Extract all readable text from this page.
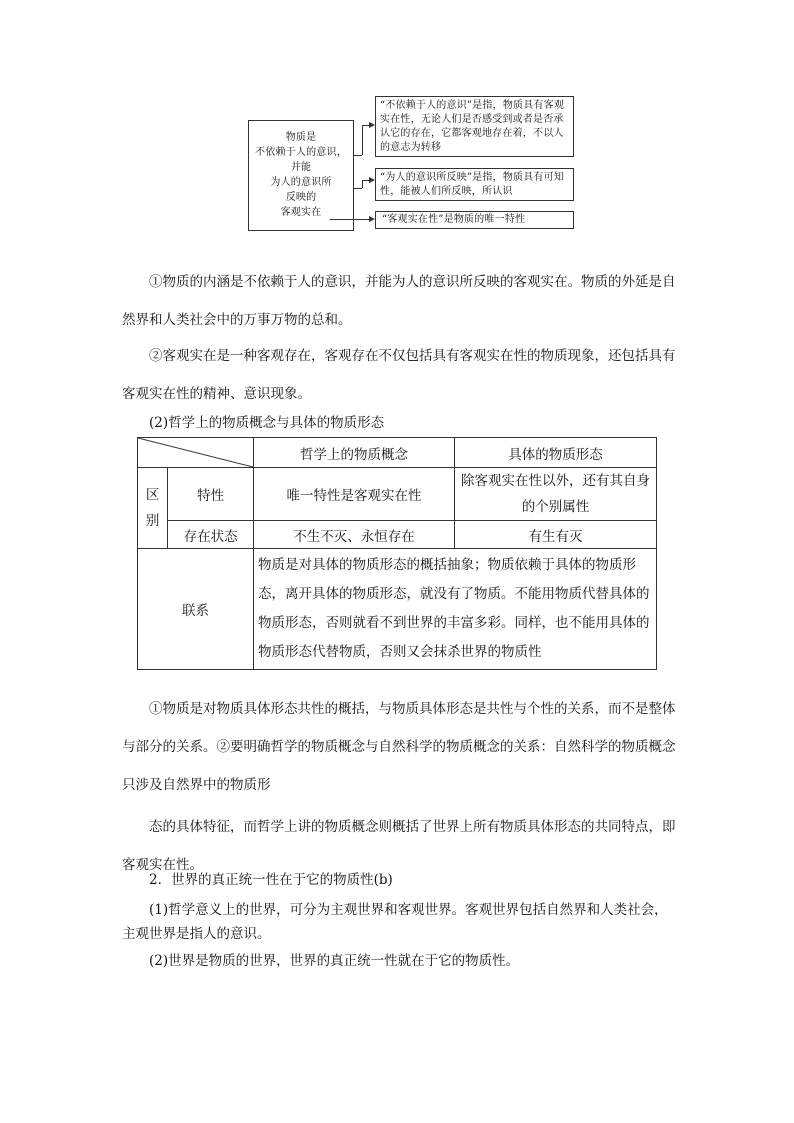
物质是
不依赖于人的意识，
并能
为人的意识所
反映的
客观实在
“不依赖于人的意识”是指，物质具有客观实在性，无论人们是否感受到或者是否承认它的存在，它都客观地存在着，不以人的意志为转移
“为人的意识所反映”是指，物质具有可知性，能被人们所反映，所认识
“客观实在性”是物质的唯一特性
①物质的内涵是不依赖于人的意识，并能为人的意识所反映的客观实在。物质的外延是自然界和人类社会中的万事万物的总和。
②客观实在是一种客观存在，客观存在不仅包括具有客观实在性的物质现象，还包括具有客观实在性的精神、意识现象。
(2)哲学上的物质概念与具体的物质形态
	哲学上的物质概念	具体的物质形态
区别	特性	唯一特性是客观实在性	除客观实在性以外，还有其自身的个别属性
	存在状态	不生不灭、永恒存在	有生有灭
联系		物质是对具体的物质形态的概括抽象；物质依赖于具体的物质形态，离开具体的物质形态，就没有了物质。不能用物质代替具体的物质形态，否则就看不到世界的丰富多彩。同样，也不能用具体的物质形态代替物质，否则又会抹杀世界的物质性	
①物质是对物质具体形态共性的概括，与物质具体形态是共性与个性的关系，而不是整体与部分的关系。②要明确哲学的物质概念与自然科学的物质概念的关系：自然科学的物质概念只涉及自然界中的物质形
态的具体特征，而哲学上讲的物质概念则概括了世界上所有物质具体形态的共同特点，即客观实在性。
2．世界的真正统一性在于它的物质性(b)
(1)哲学意义上的世界，可分为主观世界和客观世界。客观世界包括自然界和人类社会，主观世界是指人的意识。
(2)世界是物质的世界，世界的真正统一性就在于它的物质性。
